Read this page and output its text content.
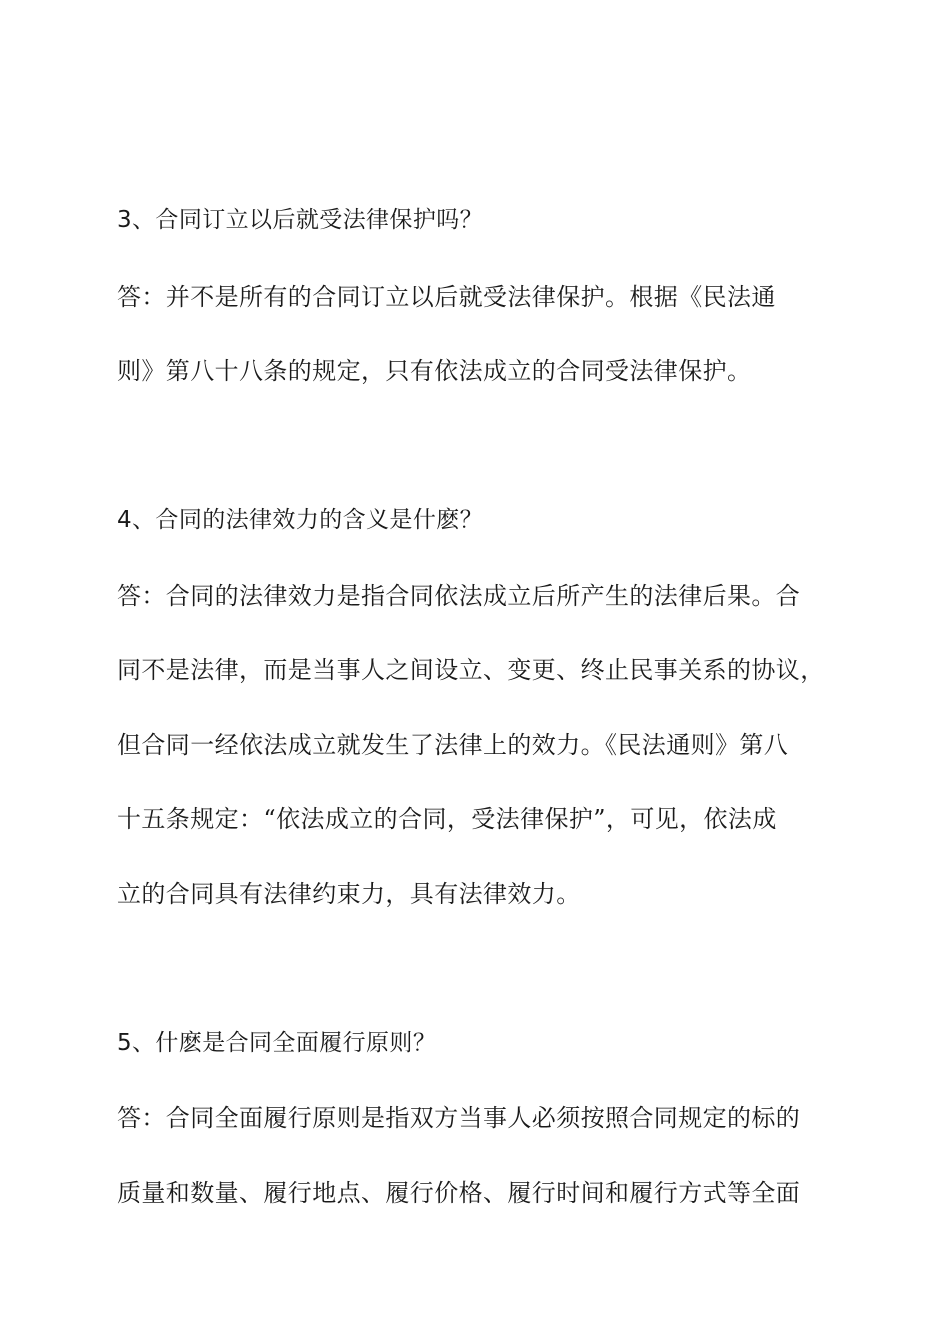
3、合同订立以后就受法律保护吗？
答：并不是所有的合同订立以后就受法律保护。根据《民法通
则》第八十八条的规定，只有依法成立的合同受法律保护。
4、合同的法律效力的含义是什麽？
答：合同的法律效力是指合同依法成立后所产生的法律后果。合
同不是法律，而是当事人之间设立、变更、终止民事关系的协议，
但合同一经依法成立就发生了法律上的效力。《民法通则》第八
十五条规定：“依法成立的合同，受法律保护”，可见，依法成
立的合同具有法律约束力，具有法律效力。
5、什麽是合同全面履行原则？
答：合同全面履行原则是指双方当事人必须按照合同规定的标的
质量和数量、履行地点、履行价格、履行时间和履行方式等全面
